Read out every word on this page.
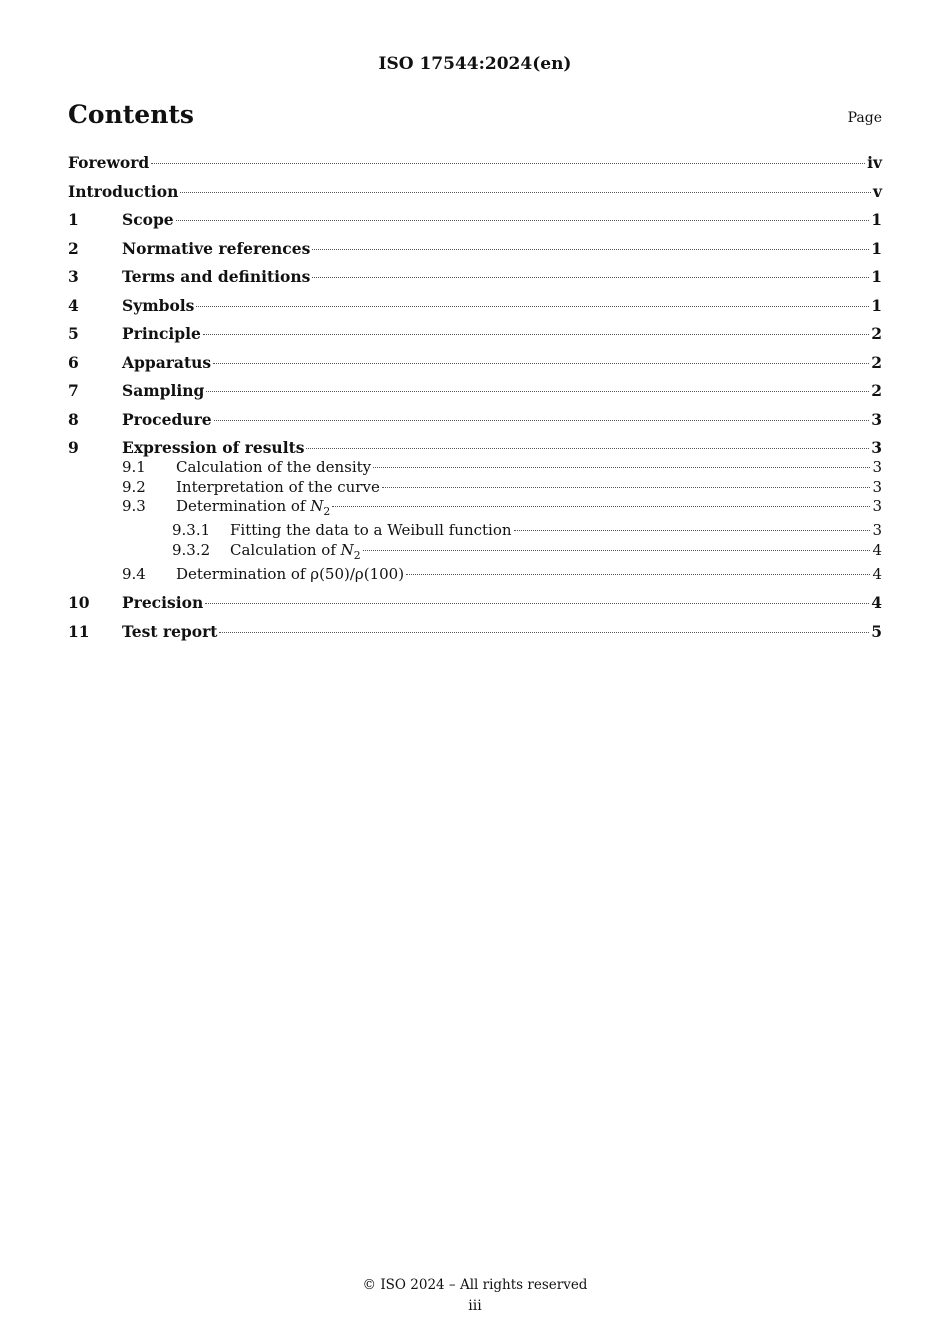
ISO 17544:2024(en)
Contents	Page
Foreword	iv
Introduction	v
1	Scope	1
2	Normative references	1
3	Terms and definitions	1
4	Symbols	1
5	Principle	2
6	Apparatus	2
7	Sampling	2
8	Procedure	3
9	Expression of results	3
9.1	Calculation of the density	3
9.2	Interpretation of the curve	3
9.3	Determination of $N_2$	3
9.3.1	Fitting the data to a Weibull function	3
9.3.2	Calculation of $N_2$	4
9.4	Determination of ρ(50)/ρ(100)	4
10	Precision	4
11	Test report	5
© ISO 2024 – All rights reserved
iii
